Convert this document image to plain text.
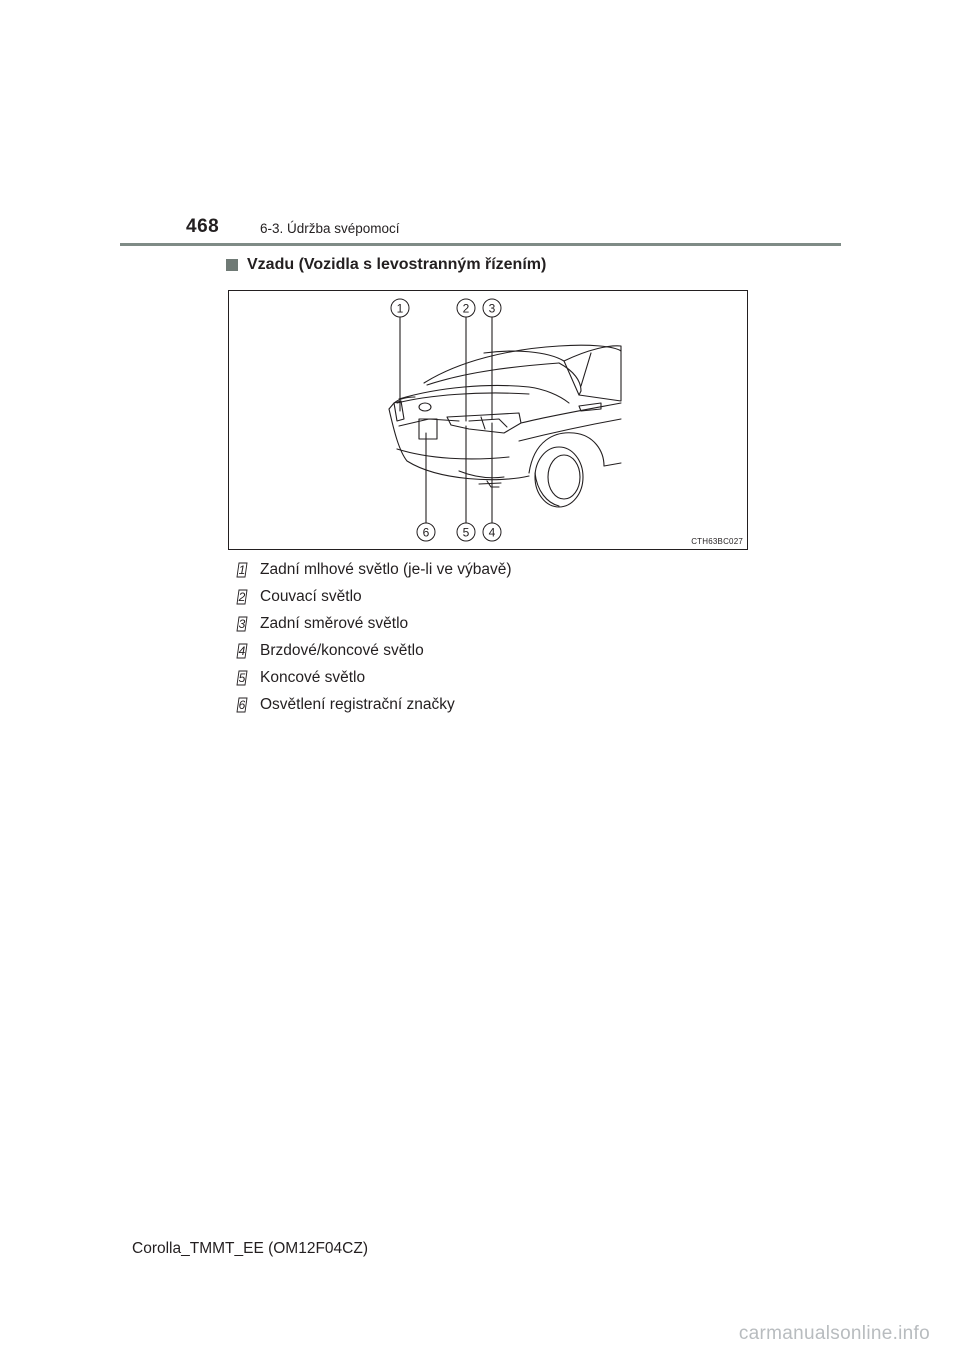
468	6-3. Údržba svépomocí
Vzadu (Vozidla s levostranným řízením)
1	2 3
4
5
6
CTH63BC027
1 Zadní mlhové světlo (je-li ve výbavě)
2 Couvací světlo
3 Zadní směrové světlo
4 Brzdové/koncové světlo
5 Koncové světlo
6 Osvětlení registrační značky
Corolla_TMMT_EE (OM12F04CZ)
carmanualsonline.info
